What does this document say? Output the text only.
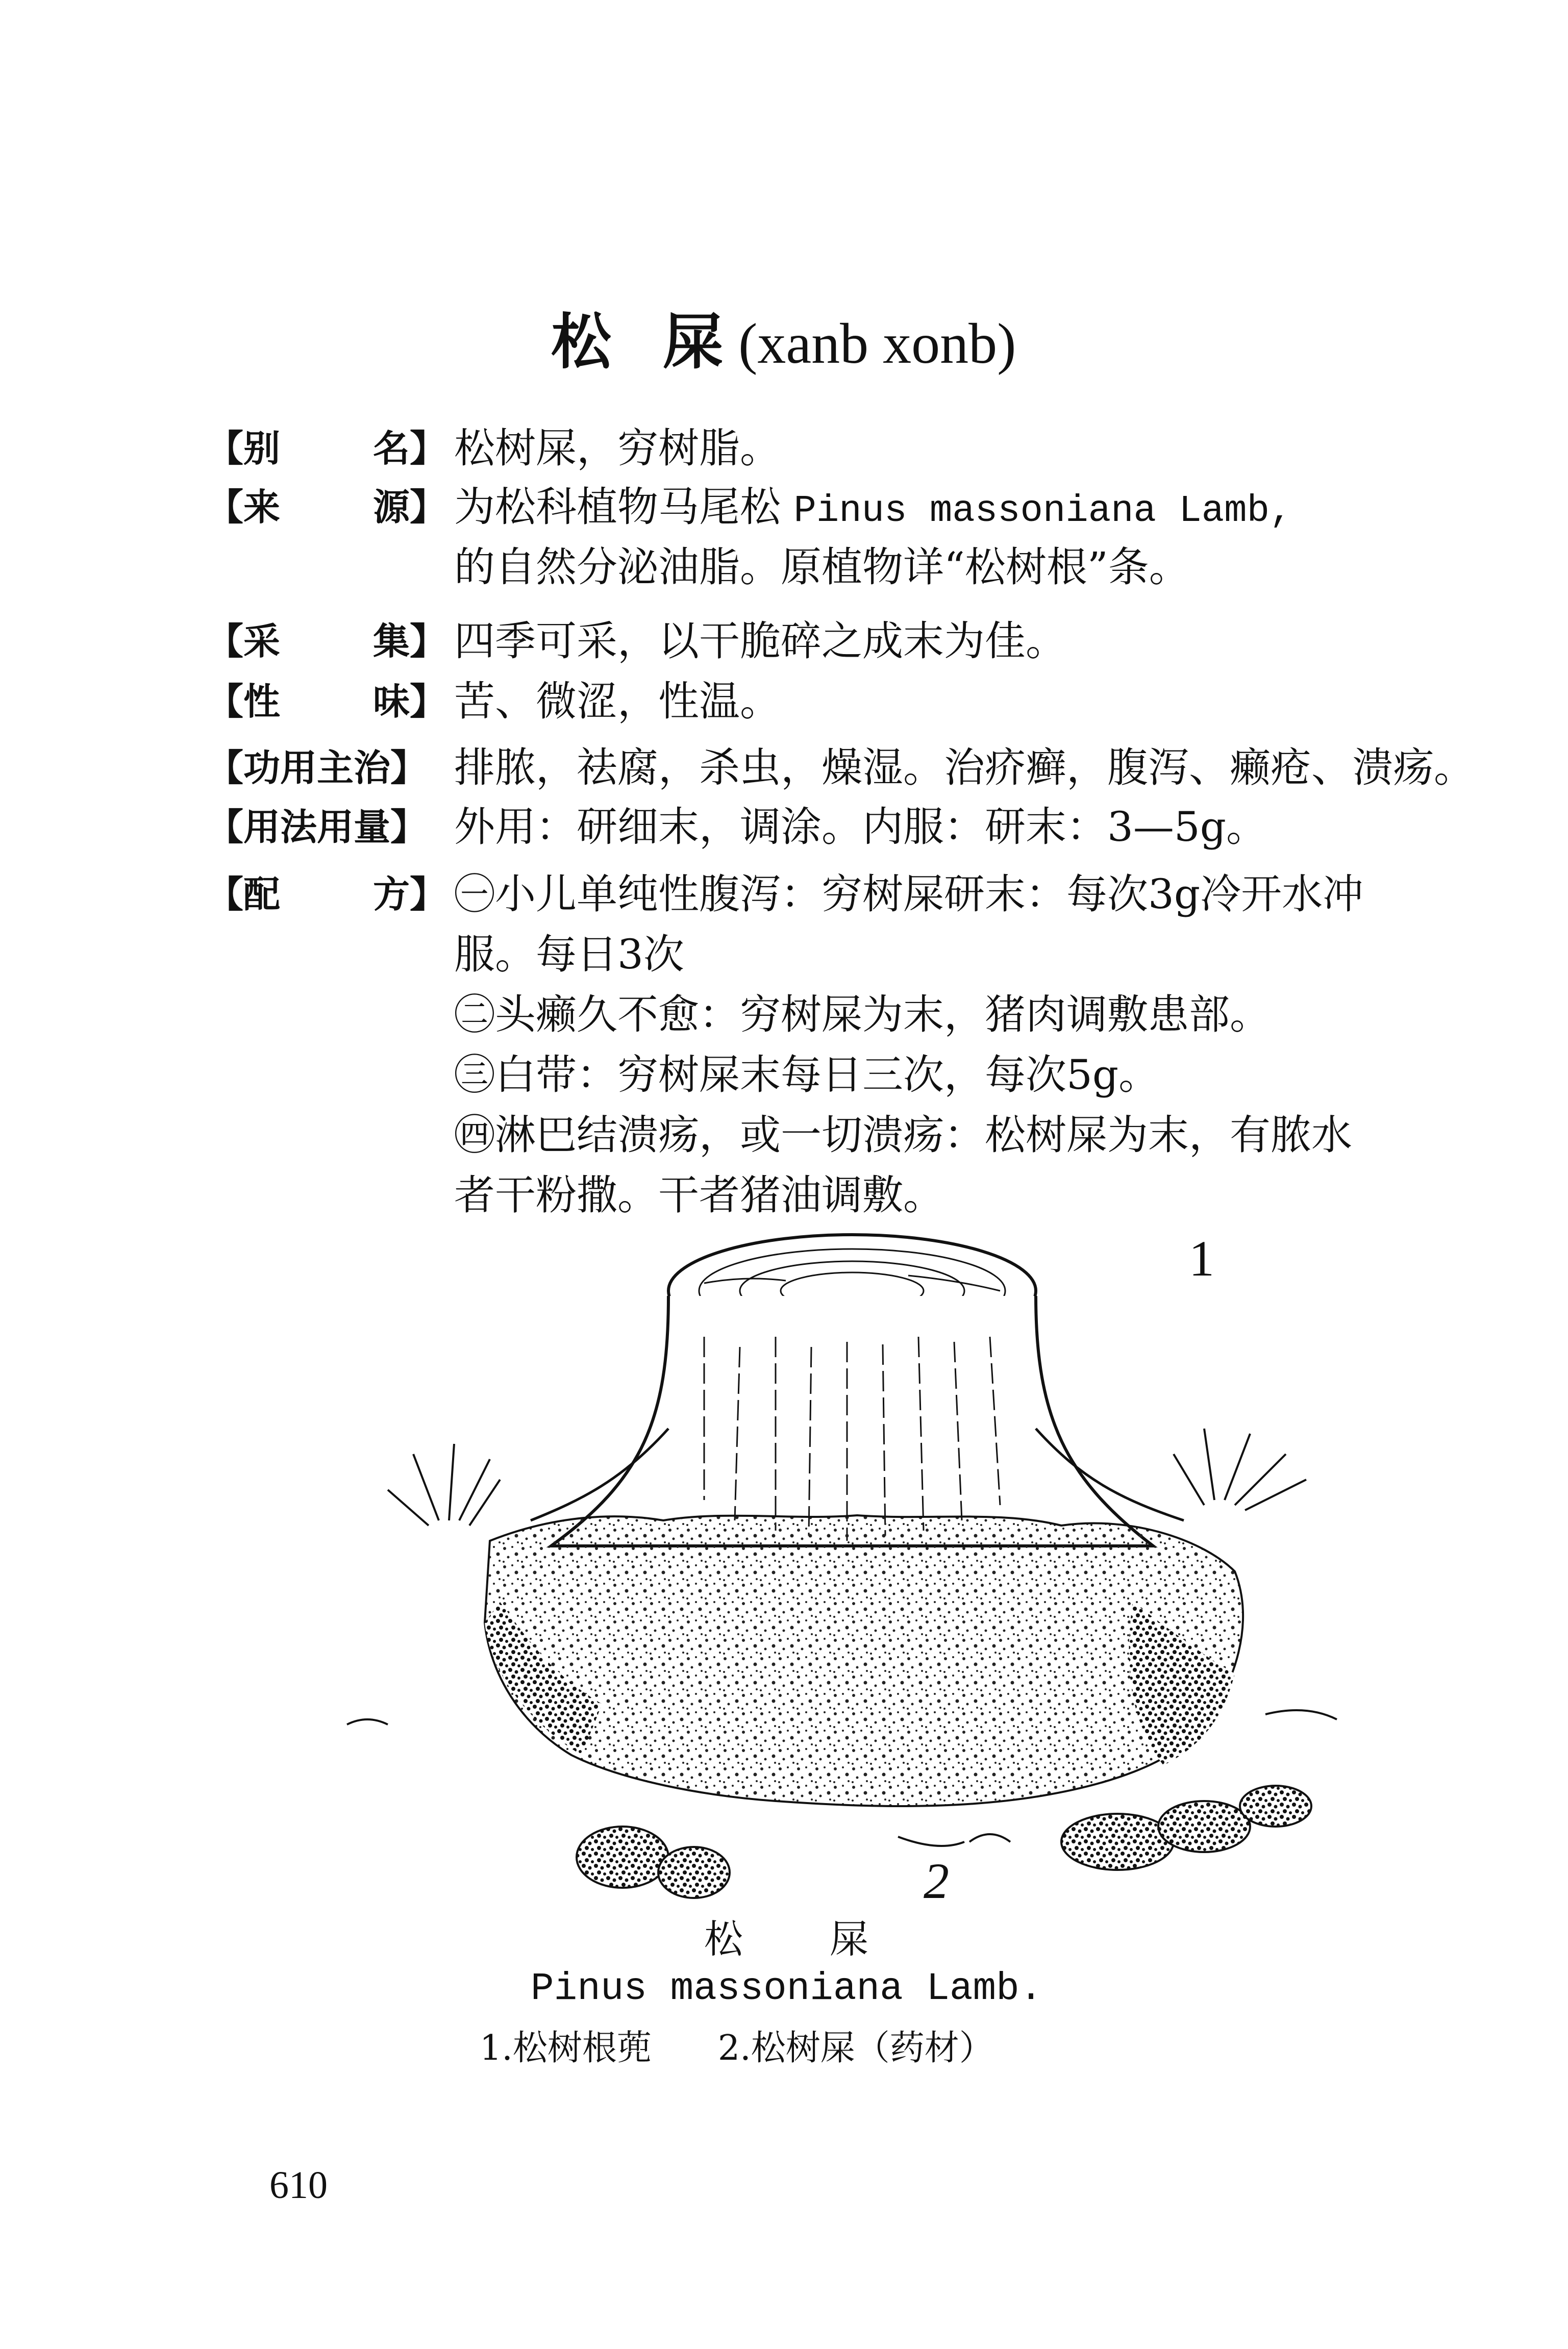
松 屎(xanb xonb)
【别	名】 松树屎，穷树脂。
【来	源】 为松科植物马尾松 Pinus massoniana Lamb,
的自然分泌油脂。原植物详“松树根”条。
【采	集】 四季可采，以干脆碎之成末为佳。
【性	味】 苦、微涩，性温。
【功用主治】 排脓，祛腐，杀虫，燥湿。治疥癣，腹泻、癞疮、溃疡。
【用法用量】 外用：研细末，调涂。内服：研末：3—5g。
【配	方】 ㊀小儿单纯性腹泻：穷树屎研末：每次3g冷开水冲
服。每日3次
㊁头癞久不愈：穷树屎为末，猪肉调敷患部。
㊂白带：穷树屎末每日三次，每次5g。
㊃淋巴结溃疡，或一切溃疡：松树屎为末，有脓水
者干粉撒。干者猪油调敷。
1
2
松屎
Pinus massoniana Lamb.
1.松树根蔸 2.松树屎（药材）
610
